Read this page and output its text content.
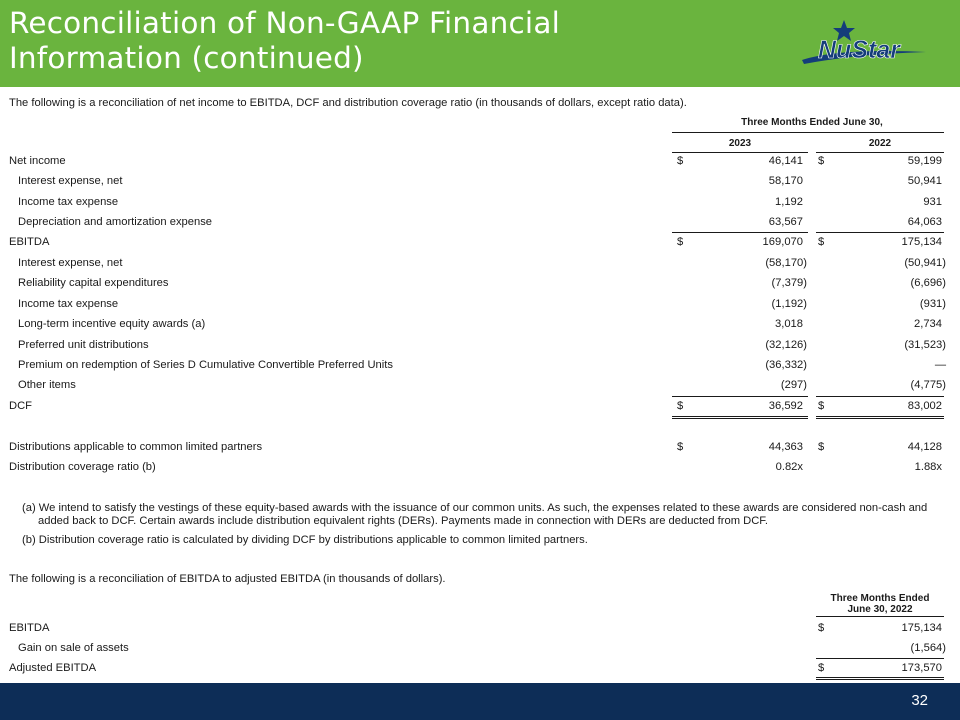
Reconciliation of Non-GAAP Financial
Information (continued)	NuStar
The following is a reconciliation of net income to EBITDA, DCF and distribution coverage ratio (in thousands of dollars, except ratio data).
Three Months Ended June 30,
2023	2022
Net income	$	46,141 $	59,199
Interest expense, net	58,170	50,941
Income tax expense	1,192	931
Depreciation and amortization expense	63,567	64,063
EBITDA	$	169,070 $	175,134
Interest expense, net	(58,170)	(50,941)
Reliability capital expenditures	(7,379)	(6,696)
Income tax expense	(1,192)	(931)
Long-term incentive equity awards (a)	3,018	2,734
Preferred unit distributions	(32,126)	(31,523)
Premium on redemption of Series D Cumulative Convertible Preferred Units	(36,332)	—
Other items	(297)	(4,775)
DCF	$	36,592 $	83,002
Distributions applicable to common limited partners	$	44,363 $	44,128
Distribution coverage ratio (b)	0.82x	1.88x
(a) We intend to satisfy the vestings of these equity-based awards with the issuance of our common units. As such, the expenses related to these awards are considered non-cash and added back to DCF. Certain awards include distribution equivalent rights (DERs). Payments made in connection with DERs are deducted from DCF.
(b) Distribution coverage ratio is calculated by dividing DCF by distributions applicable to common limited partners.
The following is a reconciliation of EBITDA to adjusted EBITDA (in thousands of dollars).
Three Months Ended
June 30, 2022
EBITDA	$	175,134
Gain on sale of assets	(1,564)
Adjusted EBITDA	$	173,570
32
